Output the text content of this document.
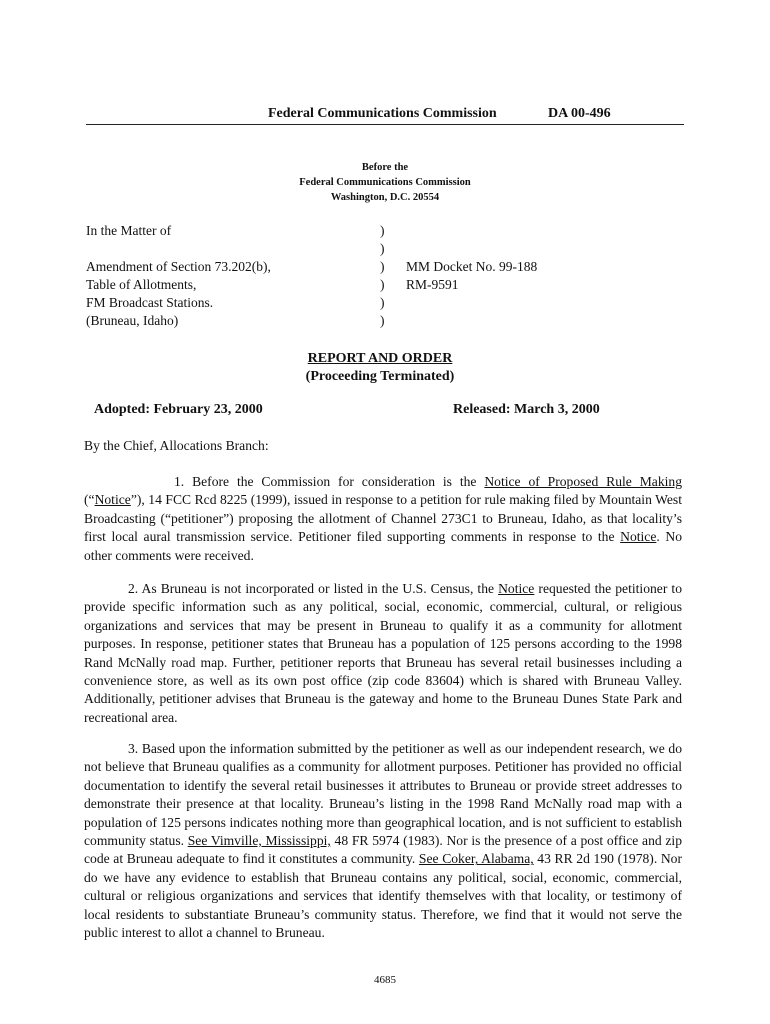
Federal Communications Commission	DA 00-496
Before the
Federal Communications Commission
Washington, D.C. 20554
In the Matter of
Amendment of Section 73.202(b),
Table of Allotments,
FM Broadcast Stations.
(Bruneau, Idaho)
)
)
)
)
)
)
MM Docket No. 99-188
RM-9591
REPORT AND ORDER
(Proceeding Terminated)
Adopted: February 23, 2000	Released: March 3, 2000
By the Chief, Allocations Branch:
1. Before the Commission for consideration is the Notice of Proposed Rule Making (“Notice”), 14 FCC Rcd 8225 (1999), issued in response to a petition for rule making filed by Mountain West Broadcasting (“petitioner”) proposing the allotment of Channel 273C1 to Bruneau, Idaho, as that locality’s first local aural transmission service. Petitioner filed supporting comments in response to the Notice. No other comments were received.
2. As Bruneau is not incorporated or listed in the U.S. Census, the Notice requested the petitioner to provide specific information such as any political, social, economic, commercial, cultural, or religious organizations and services that may be present in Bruneau to qualify it as a community for allotment purposes. In response, petitioner states that Bruneau has a population of 125 persons according to the 1998 Rand McNally road map. Further, petitioner reports that Bruneau has several retail businesses including a convenience store, as well as its own post office (zip code 83604) which is shared with Bruneau Valley. Additionally, petitioner advises that Bruneau is the gateway and home to the Bruneau Dunes State Park and recreational area.
3. Based upon the information submitted by the petitioner as well as our independent research, we do not believe that Bruneau qualifies as a community for allotment purposes. Petitioner has provided no official documentation to identify the several retail businesses it attributes to Bruneau or provide street addresses to demonstrate their presence at that locality. Bruneau’s listing in the 1998 Rand McNally road map with a population of 125 persons indicates nothing more than geographical location, and is not sufficient to establish community status. See Vimville, Mississippi, 48 FR 5974 (1983). Nor is the presence of a post office and zip code at Bruneau adequate to find it constitutes a community. See Coker, Alabama, 43 RR 2d 190 (1978). Nor do we have any evidence to establish that Bruneau contains any political, social, economic, commercial, cultural or religious organizations and services that identify themselves with that locality, or testimony of local residents to substantiate Bruneau’s community status. Therefore, we find that it would not serve the public interest to allot a channel to Bruneau.
4685
